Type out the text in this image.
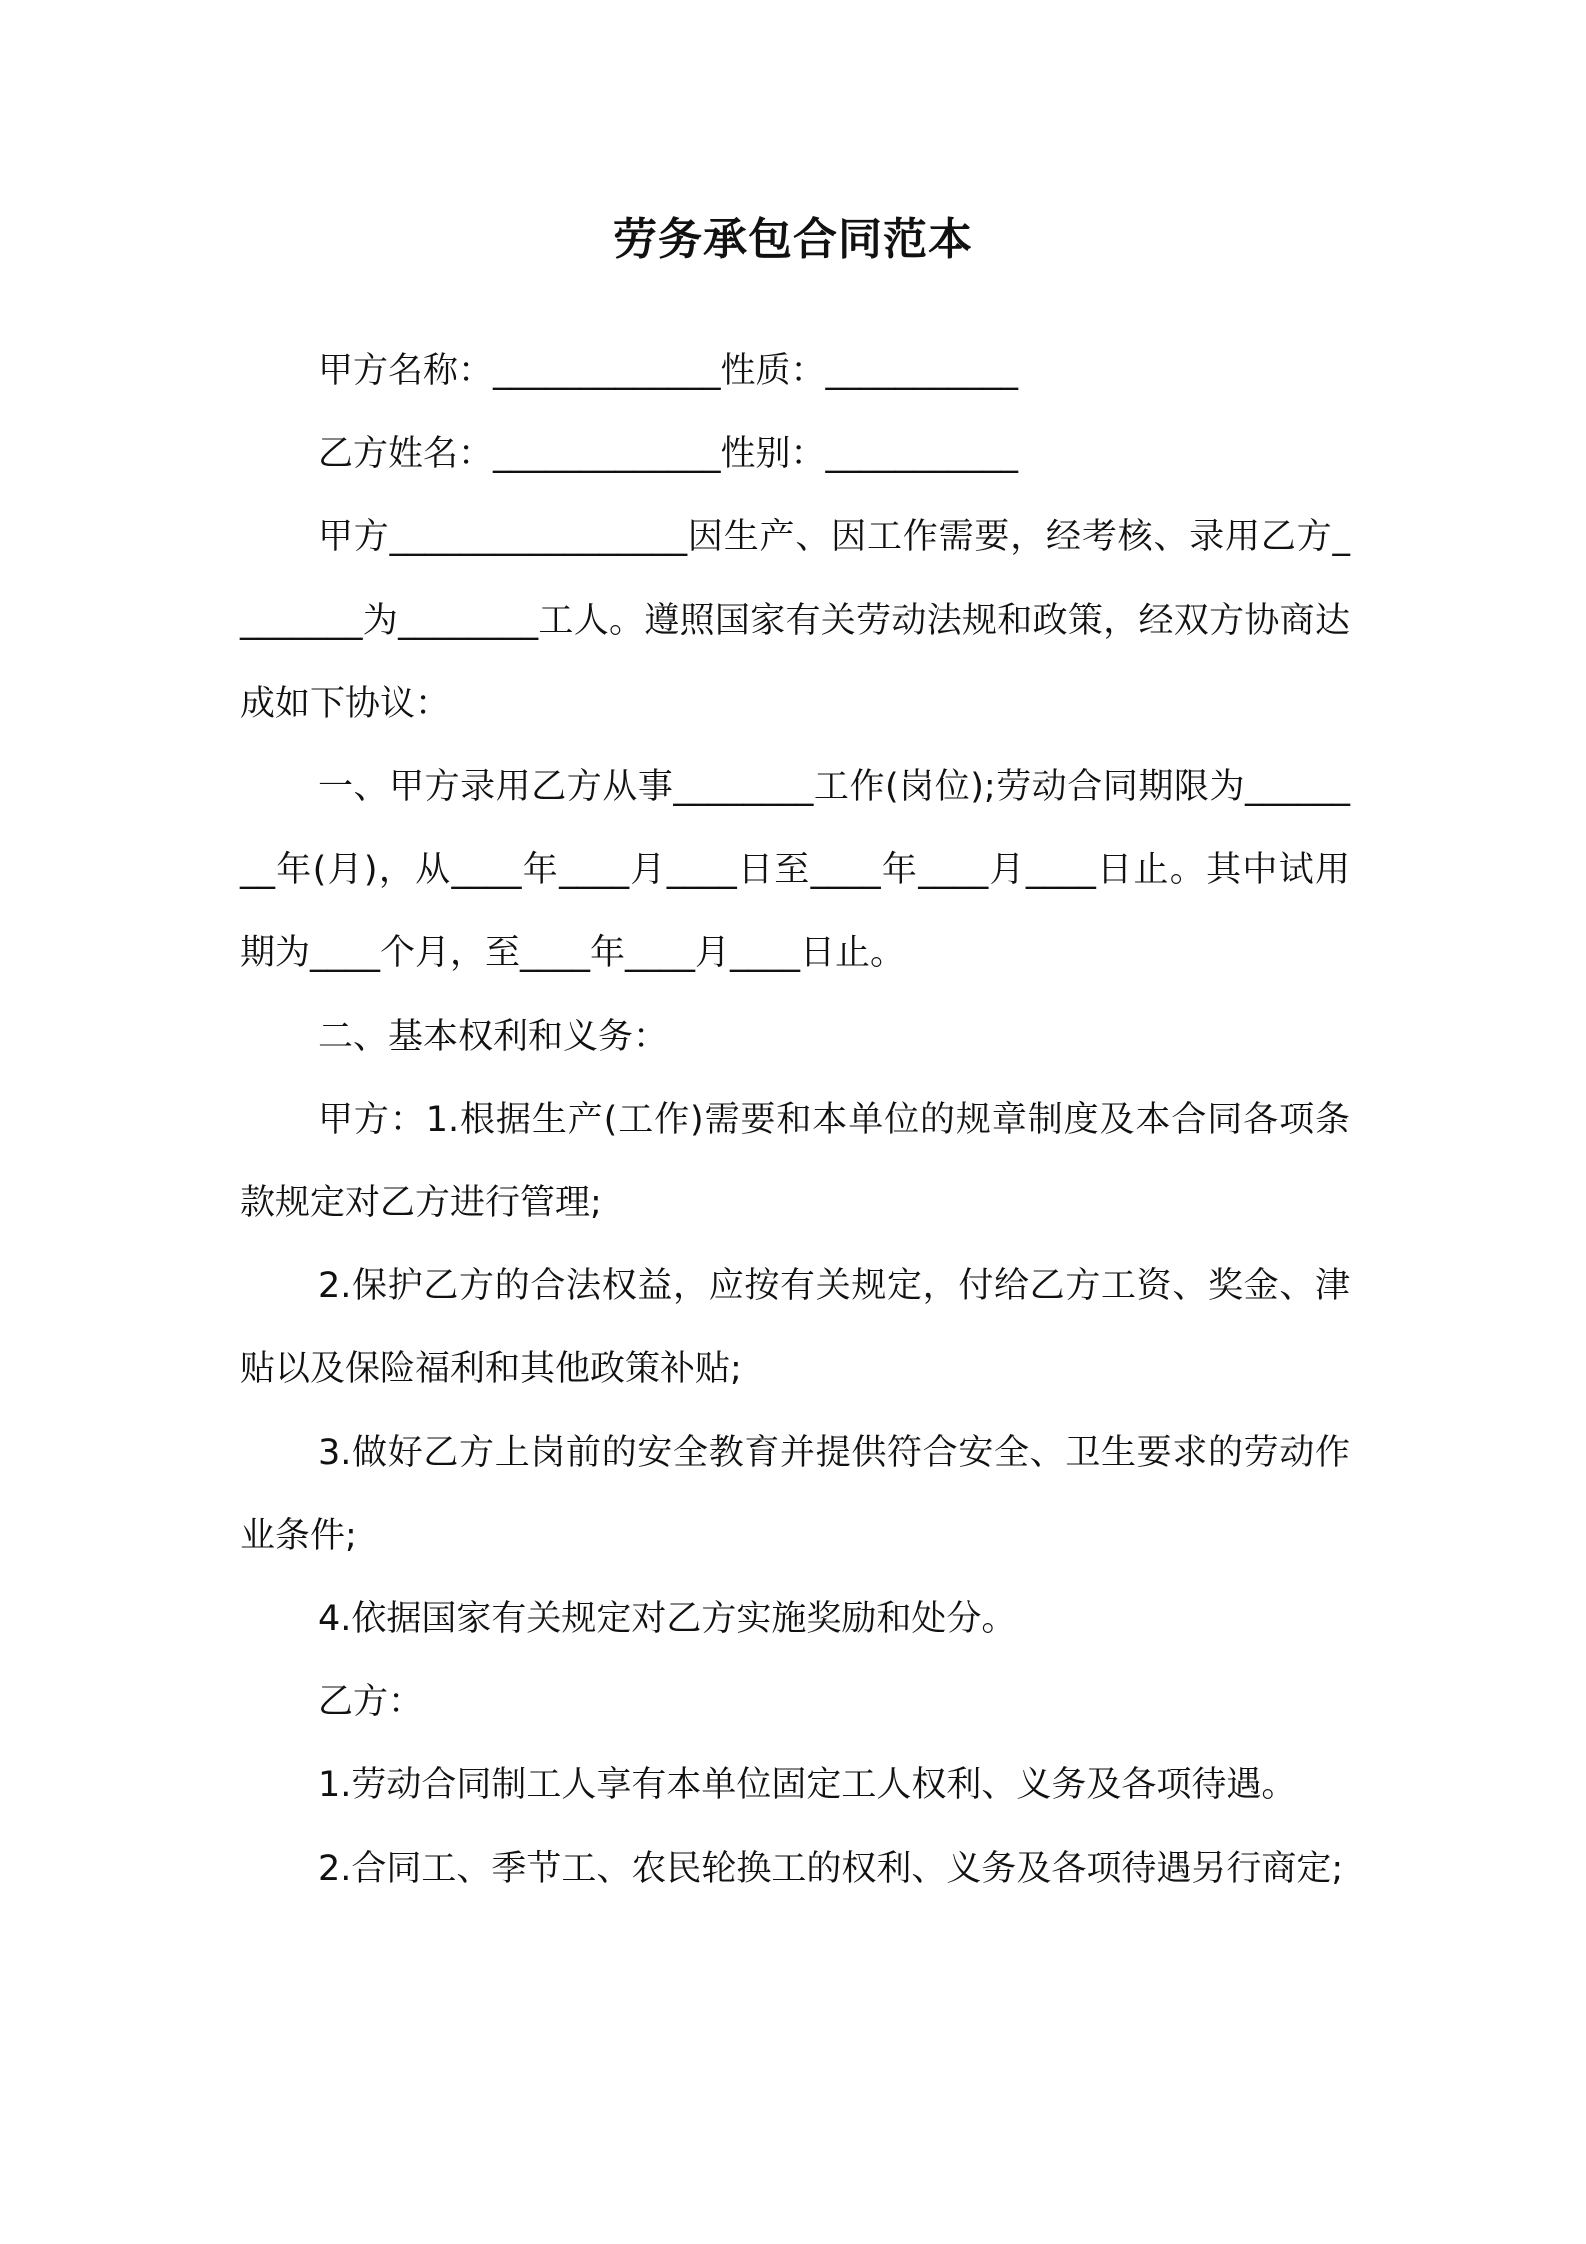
劳务承包合同范本

甲方名称：_____________性质：___________

乙方姓名：_____________性别：___________

甲方_________________因生产、因工作需要，经考核、录用乙方________为________工人。遵照国家有关劳动法规和政策，经双方协商达成如下协议：

一、甲方录用乙方从事________工作(岗位);劳动合同期限为________年(月)，从____年____月____日至____年____月____日止。其中试用期为____个月，至____年____月____日止。

二、基本权利和义务：

甲方：1.根据生产(工作)需要和本单位的规章制度及本合同各项条款规定对乙方进行管理;

2.保护乙方的合法权益，应按有关规定，付给乙方工资、奖金、津贴以及保险福利和其他政策补贴;

3.做好乙方上岗前的安全教育并提供符合安全、卫生要求的劳动作业条件;

4.依据国家有关规定对乙方实施奖励和处分。

乙方：

1.劳动合同制工人享有本单位固定工人权利、义务及各项待遇。

2.合同工、季节工、农民轮换工的权利、义务及各项待遇另行商定;
